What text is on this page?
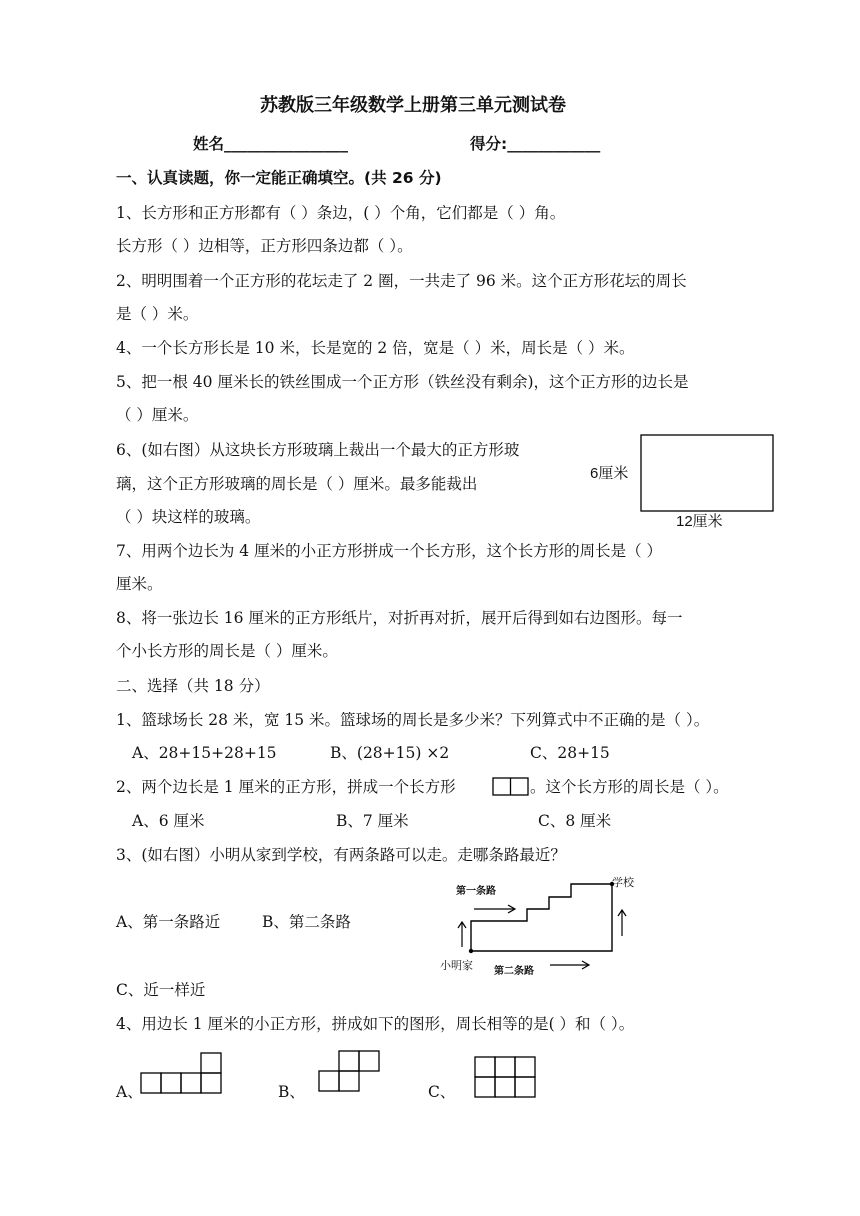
苏教版三年级数学上册第三单元测试卷
姓名________________	得分:____________
一、认真读题，你一定能正确填空。(共 26 分)
1、长方形和正方形都有（ ）条边，( ）个角，它们都是（ ）角。
长方形（ ）边相等，正方形四条边都（ ）。
2、明明围着一个正方形的花坛走了 2 圈，一共走了 96 米。这个正方形花坛的周长
是（ ）米。
4、一个长方形长是 10 米，长是宽的 2 倍，宽是（ ）米，周长是（ ）米。
5、把一根 40 厘米长的铁丝围成一个正方形（铁丝没有剩余)，这个正方形的边长是
（ ）厘米。
6、(如右图）从这块长方形玻璃上裁出一个最大的正方形玻
璃，这个正方形玻璃的周长是（ ）厘米。最多能裁出
（ ）块这样的玻璃。
6厘米
12厘米
7、用两个边长为 4 厘米的小正方形拼成一个长方形，这个长方形的周长是（ ）
厘米。
8、将一张边长 16 厘米的正方形纸片，对折再对折，展开后得到如右边图形。每一
个小长方形的周长是（ ）厘米。
二、选择（共 18 分）
1、篮球场长 28 米，宽 15 米。篮球场的周长是多少米？下列算式中不正确的是（ ）。
A、28+15+28+15	B、(28+15) ×2	C、28+15
2、两个边长是 1 厘米的正方形，拼成一个长方形	。这个长方形的周长是（ ）。
A、6 厘米	B、7 厘米	C、8 厘米
3、(如右图）小明从家到学校，有两条路可以走。走哪条路最近？
A、第一条路近	B、第二条路
C、近一样近
第一条路
第二条路
学校
小明家
4、用边长 1 厘米的小正方形，拼成如下的图形，周长相等的是( ）和（ ）。
A、	B、	C、
